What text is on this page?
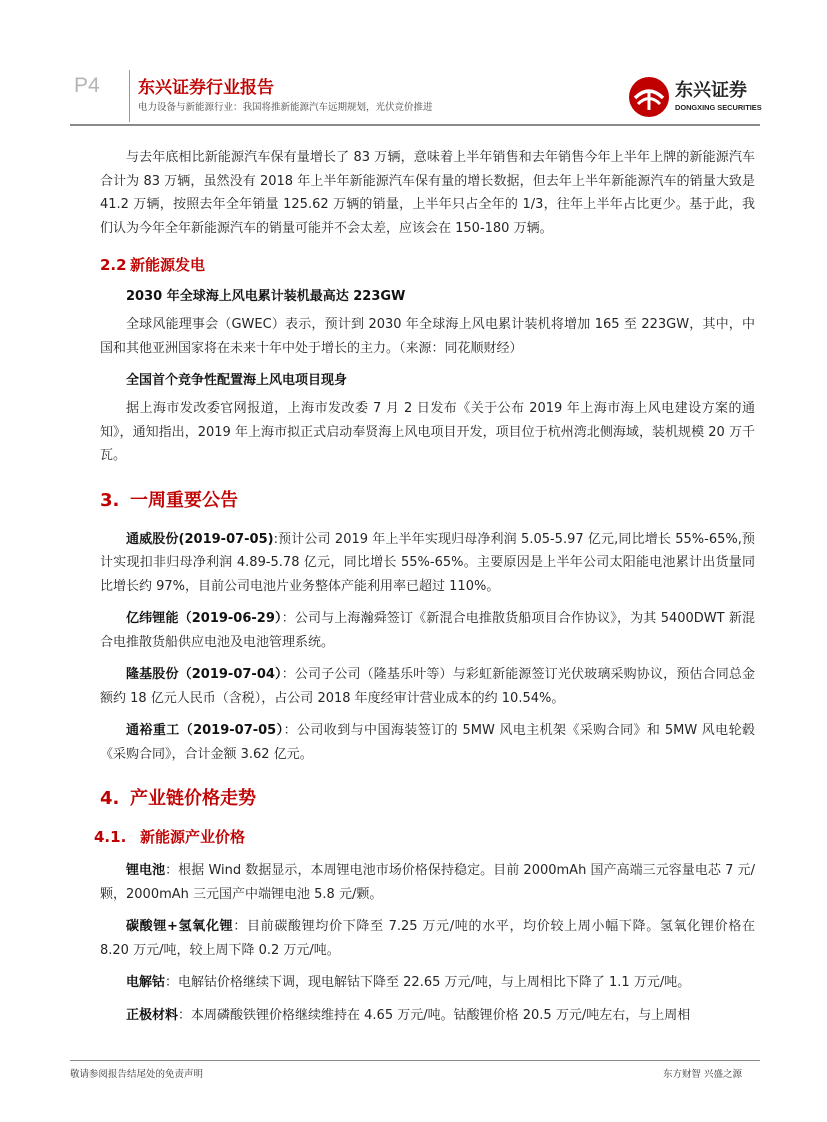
P4 东兴证券行业报告
电力设备与新能源行业：我国将推新能源汽车远期规划，光伏竞价推进
东兴证券
DONGXING SECURITIES

与去年底相比新能源汽车保有量增长了 83 万辆，意味着上半年销售和去年销售今年上半年上牌的新能源汽车合计为 83 万辆，虽然没有 2018 年上半年新能源汽车保有量的增长数据，但去年上半年新能源汽车的销量大致是 41.2 万辆，按照去年全年销量 125.62 万辆的销量，上半年只占全年的 1/3，往年上半年占比更少。基于此，我们认为今年全年新能源汽车的销量可能并不会太差，应该会在 150-180 万辆。

2.2 新能源发电
2030 年全球海上风电累计装机最高达 223GW

全球风能理事会（GWEC）表示，预计到 2030 年全球海上风电累计装机将增加 165 至 223GW，其中，中国和其他亚洲国家将在未来十年中处于增长的主力。（来源：同花顺财经）

全国首个竞争性配置海上风电项目现身

据上海市发改委官网报道，上海市发改委 7 月 2 日发布《关于公布 2019 年上海市海上风电建设方案的通知》，通知指出，2019 年上海市拟正式启动奉贤海上风电项目开发，项目位于杭州湾北侧海域，装机规模 20 万千瓦。

3. 一周重要公告

通威股份(2019-07-05):预计公司 2019 年上半年实现归母净利润 5.05-5.97 亿元,同比增长 55%-65%,预计实现扣非归母净利润 4.89-5.78 亿元，同比增长 55%-65%。主要原因是上半年公司太阳能电池累计出货量同比增长约 97%，目前公司电池片业务整体产能利用率已超过 110%。

亿纬锂能（2019-06-29）：公司与上海瀚舜签订《新混合电推散货船项目合作协议》，为其 5400DWT 新混合电推散货船供应电池及电池管理系统。

隆基股份（2019-07-04）：公司子公司（隆基乐叶等）与彩虹新能源签订光伏玻璃采购协议，预估合同总金额约 18 亿元人民币（含税），占公司 2018 年度经审计营业成本的约 10.54%。

通裕重工（2019-07-05）：公司收到与中国海装签订的 5MW 风电主机架《采购合同》和 5MW 风电轮毂《采购合同》，合计金额 3.62 亿元。

4. 产业链价格走势
4.1. 新能源产业价格

锂电池：根据 Wind 数据显示，本周锂电池市场价格保持稳定。目前 2000mAh 国产高端三元容量电芯 7 元/颗，2000mAh 三元国产中端锂电池 5.8 元/颗。

碳酸锂+氢氧化锂：目前碳酸锂均价下降至 7.25 万元/吨的水平，均价较上周小幅下降。氢氧化锂价格在 8.20 万元/吨，较上周下降 0.2 万元/吨。

电解钴：电解钴价格继续下调，现电解钴下降至 22.65 万元/吨，与上周相比下降了 1.1 万元/吨。

正极材料：本周磷酸铁锂价格继续维持在 4.65 万元/吨。钴酸锂价格 20.5 万元/吨左右，与上周相

敬请参阅报告结尾处的免责声明	东方财智 兴盛之源
